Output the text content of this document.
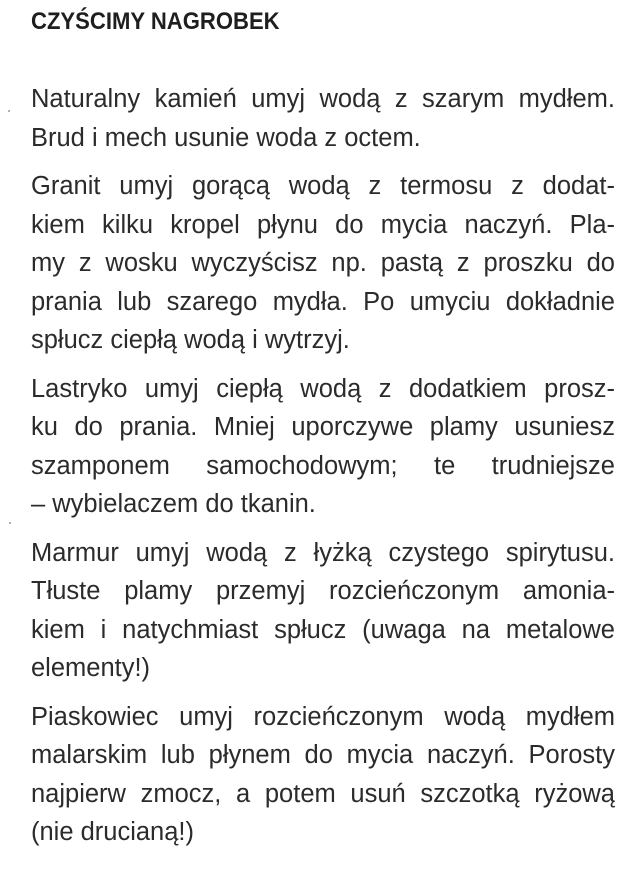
CZYŚCIMY NAGROBEK

Naturalny kamień umyj wodą z szarym mydłem.
Brud i mech usunie woda z octem.

Granit umyj gorącą wodą z termosu z dodat-
kiem kilku kropel płynu do mycia naczyń. Pla-
my z wosku wyczyścisz np. pastą z proszku do
prania lub szarego mydła. Po umyciu dokładnie
spłucz ciepłą wodą i wytrzyj.

Lastryko umyj ciepłą wodą z dodatkiem prosz-
ku do prania. Mniej uporczywe plamy usuniesz
szamponem samochodowym; te trudniejsze
– wybielaczem do tkanin.

Marmur umyj wodą z łyżką czystego spirytusu.
Tłuste plamy przemyj rozcieńczonym amonia-
kiem i natychmiast spłucz (uwaga na metalowe
elementy!)

Piaskowiec umyj rozcieńczonym wodą mydłem
malarskim lub płynem do mycia naczyń. Porosty
najpierw zmocz, a potem usuń szczotką ryżową
(nie drucianą!)
